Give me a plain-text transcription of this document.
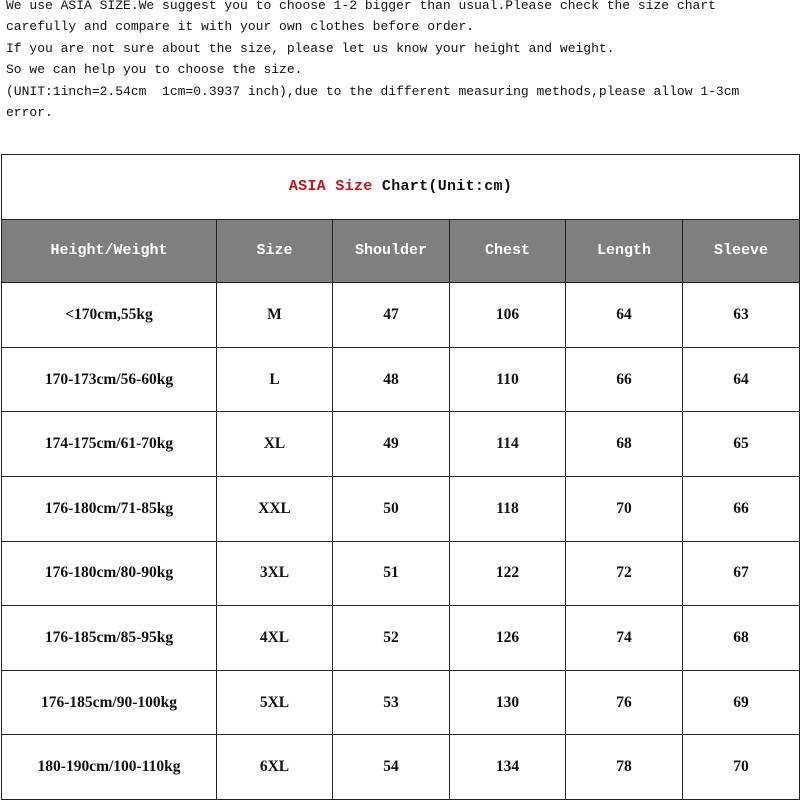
We use ASIA SIZE.We suggest you to choose 1-2 bigger than usual.Please check the size chart
carefully and compare it with your own clothes before order.
If you are not sure about the size, please let us know your height and weight.
So we can help you to choose the size.
(UNIT:1inch=2.54cm  1cm=0.3937 inch),due to the different measuring methods,please allow 1-3cm
error.
ASIA Size Chart(Unit:cm)					
Height/Weight	Size	Shoulder	Chest	Length	Sleeve
<170cm,55kg	M	47	106	64	63
170-173cm/56-60kg	L	48	110	66	64
174-175cm/61-70kg	XL	49	114	68	65
176-180cm/71-85kg	XXL	50	118	70	66
176-180cm/80-90kg	3XL	51	122	72	67
176-185cm/85-95kg	4XL	52	126	74	68
176-185cm/90-100kg	5XL	53	130	76	69
180-190cm/100-110kg	6XL	54	134	78	70
